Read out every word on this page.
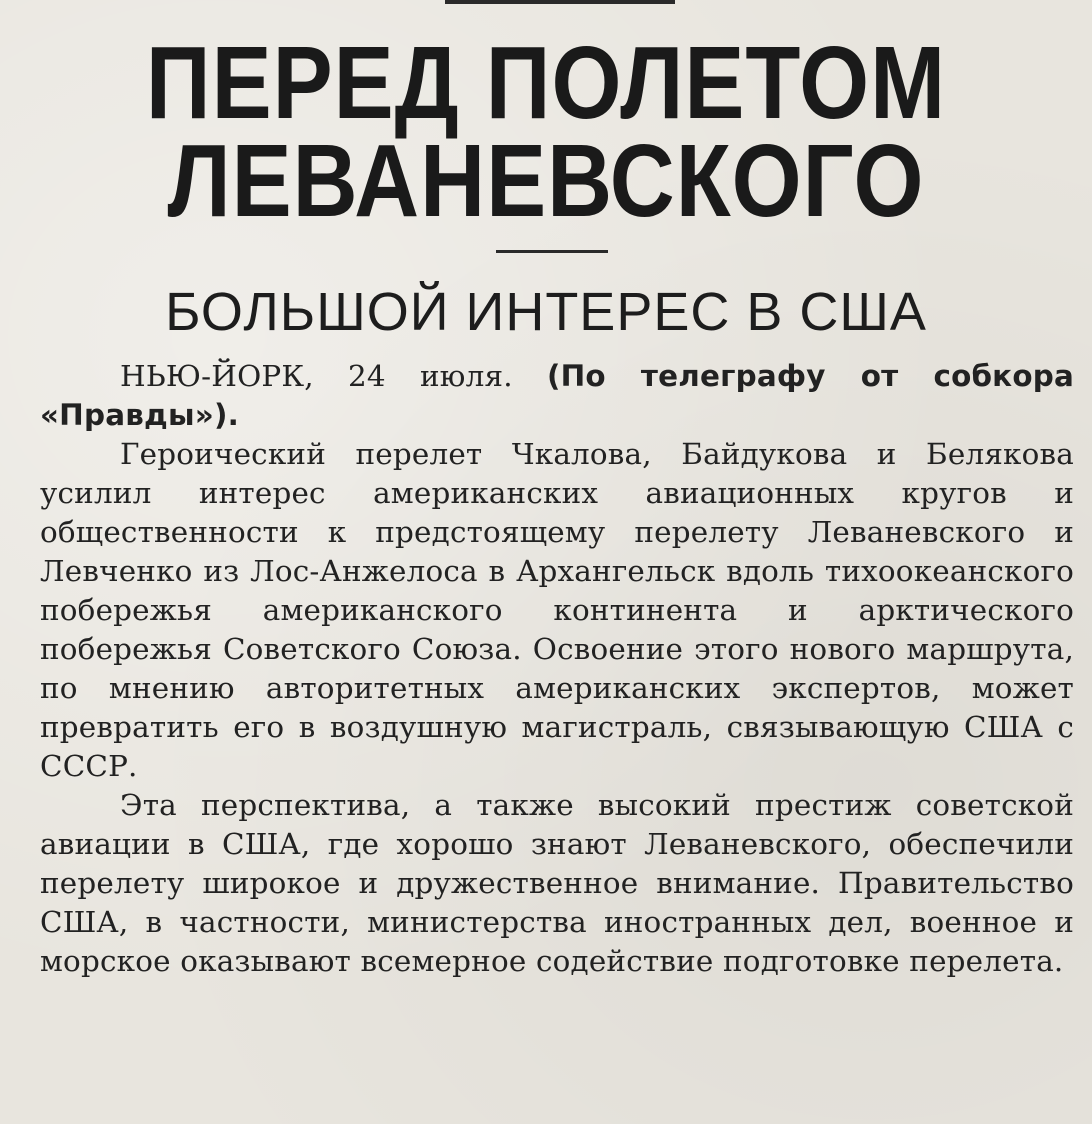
ПЕРЕД ПОЛЕТОМ
ЛЕВАНЕВСКОГО
БОЛЬШОЙ ИНТЕРЕС В США

НЬЮ-ЙОРК, 24 июля. (По телеграфу от собкора «Правды»).

Героический перелет Чкалова, Байдукова и Белякова усилил интерес американских авиационных кругов и общественности к предстоящему перелету Леваневского и Левченко из Лос-Анжелоса в Архангельск вдоль тихоокеанского побережья американского континента и арктического побережья Советского Союза. Освоение этого нового маршрута, по мнению авторитетных американских экспертов, может превратить его в воздушную магистраль, связывающую США с СССР.

Эта перспектива, а также высокий престиж советской авиации в США, где хорошо знают Леваневского, обеспечили перелету широкое и дружественное внимание. Правительство США, в частности, министерства иностранных дел, военное и морское оказывают всемерное содействие подготовке перелета.
